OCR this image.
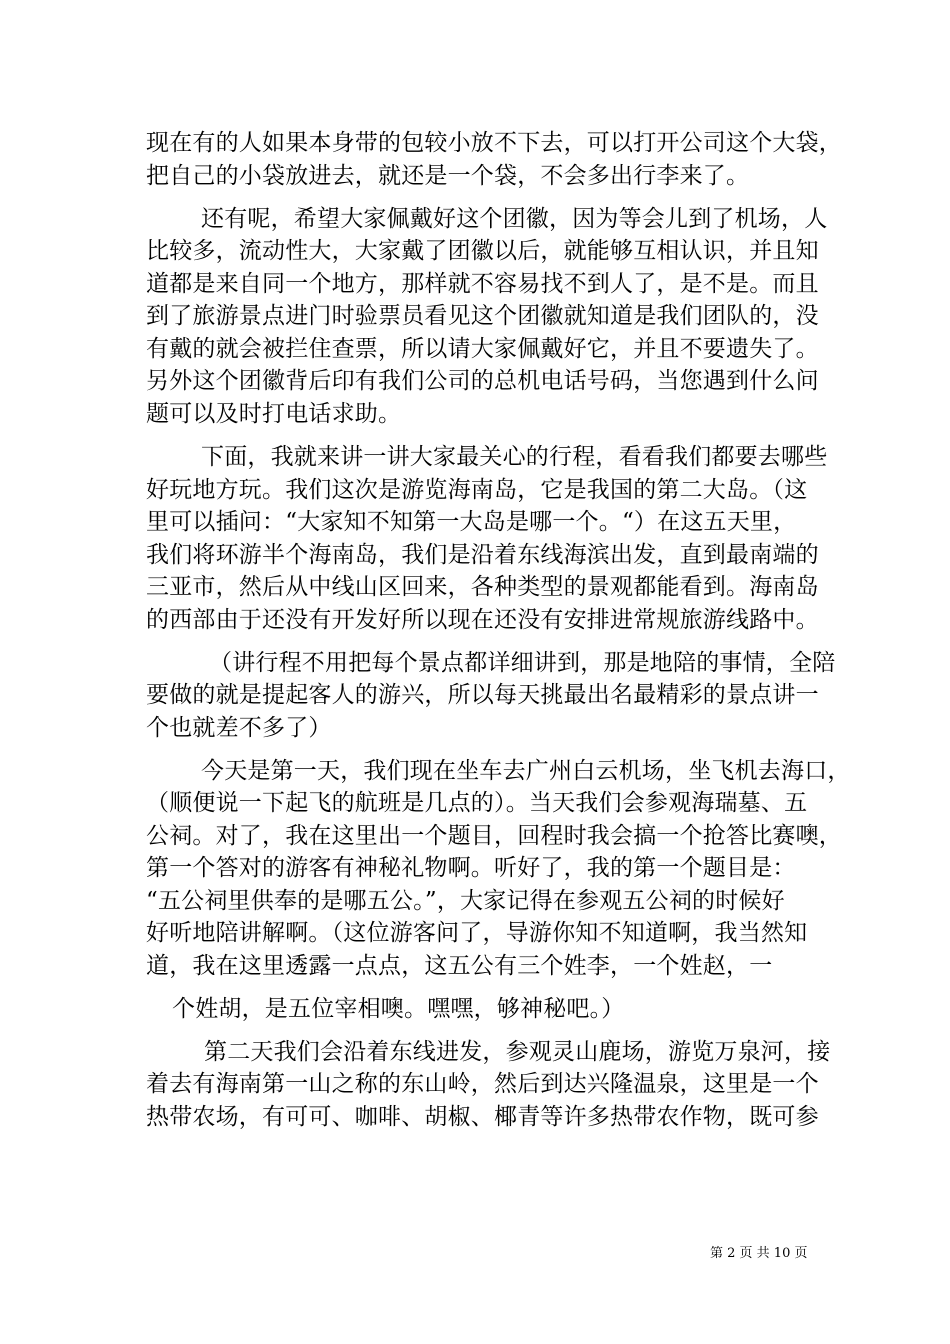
现在有的人如果本身带的包较小放不下去，可以打开公司这个大袋，
把自己的小袋放进去，就还是一个袋，不会多出行李来了。
还有呢，希望大家佩戴好这个团徽，因为等会儿到了机场，人
比较多，流动性大，大家戴了团徽以后，就能够互相认识，并且知
道都是来自同一个地方，那样就不容易找不到人了，是不是。而且
到了旅游景点进门时验票员看见这个团徽就知道是我们团队的，没
有戴的就会被拦住查票，所以请大家佩戴好它，并且不要遗失了。
另外这个团徽背后印有我们公司的总机电话号码，当您遇到什么问
题可以及时打电话求助。
下面，我就来讲一讲大家最关心的行程，看看我们都要去哪些
好玩地方玩。我们这次是游览海南岛，它是我国的第二大岛。（这
里可以插问：“大家知不知第一大岛是哪一个。“）在这五天里，
我们将环游半个海南岛，我们是沿着东线海滨出发，直到最南端的
三亚市，然后从中线山区回来，各种类型的景观都能看到。海南岛
的西部由于还没有开发好所以现在还没有安排进常规旅游线路中。
（讲行程不用把每个景点都详细讲到，那是地陪的事情，全陪
要做的就是提起客人的游兴，所以每天挑最出名最精彩的景点讲一
个也就差不多了）
今天是第一天，我们现在坐车去广州白云机场，坐飞机去海口，
（顺便说一下起飞的航班是几点的）。当天我们会参观海瑞墓、五
公祠。对了，我在这里出一个题目，回程时我会搞一个抢答比赛噢，
第一个答对的游客有神秘礼物啊。听好了，我的第一个题目是：
“五公祠里供奉的是哪五公。”，大家记得在参观五公祠的时候好
好听地陪讲解啊。（这位游客问了，导游你知不知道啊，我当然知
道，我在这里透露一点点，这五公有三个姓李，一个姓赵，一
个姓胡，是五位宰相噢。嘿嘿，够神秘吧。）
第二天我们会沿着东线进发，参观灵山鹿场，游览万泉河，接
着去有海南第一山之称的东山岭，然后到达兴隆温泉，这里是一个
热带农场，有可可、咖啡、胡椒、椰青等许多热带农作物，既可参
第 2 页 共 10 页
